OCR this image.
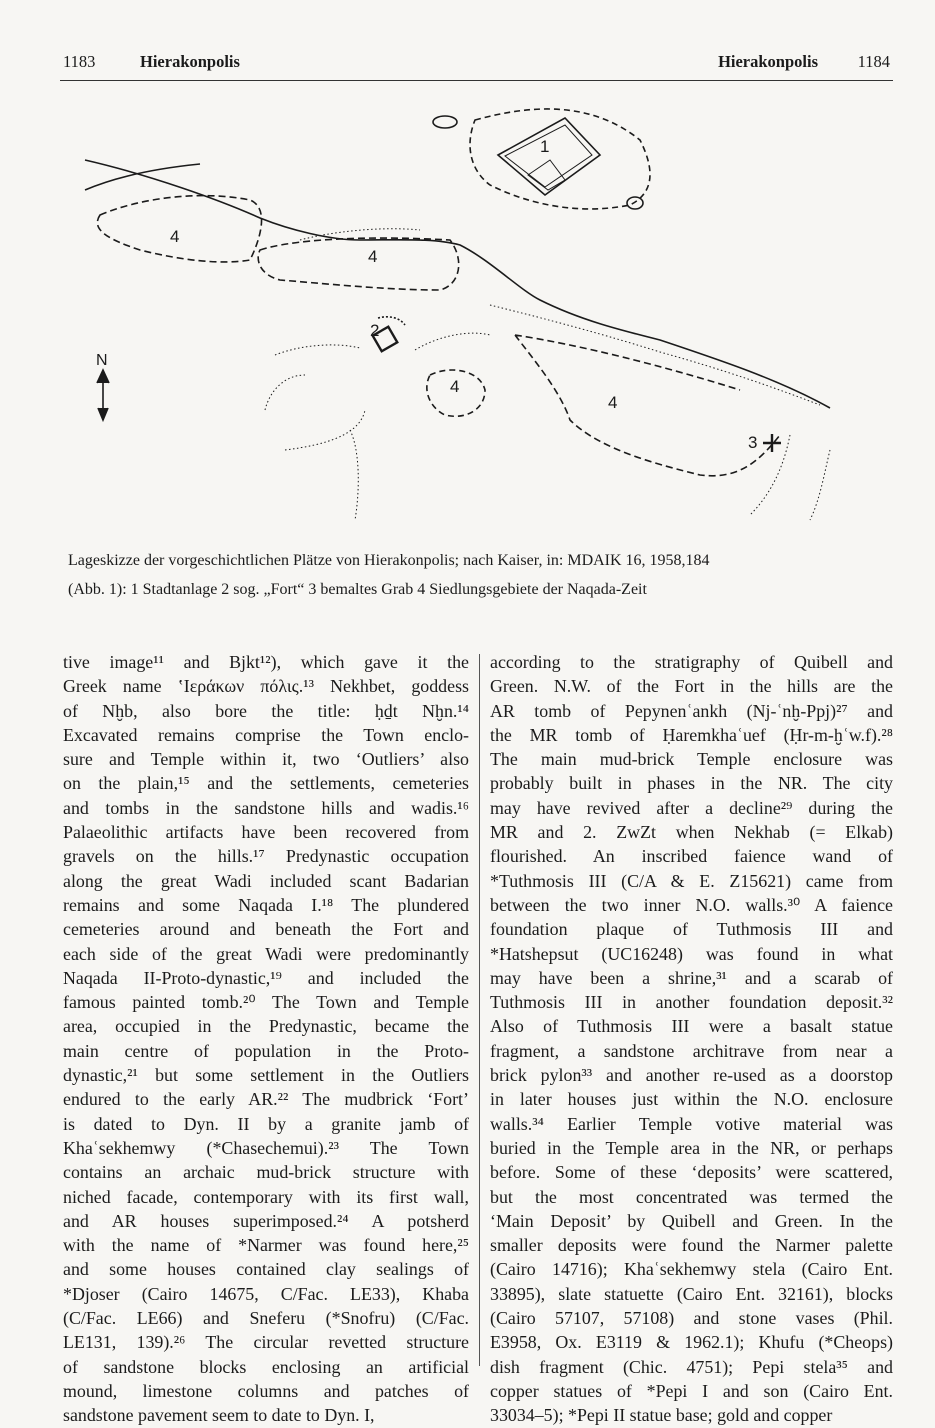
1183	Hierakonpolis	Hierakonpolis 1184
N
1
2
3
4
4
4
4
Lageskizze der vorgeschichtlichen Plätze von Hierakonpolis; nach Kaiser, in: MDAIK 16, 1958,184
(Abb. 1): 1 Stadtanlage 2 sog. „Fort“ 3 bemaltes Grab 4 Siedlungsgebiete der Naqada-Zeit
tive image¹¹ and Bjkt¹²), which gave it the
Greek name ʽΙεράκων πόλις.¹³ Nekhbet, goddess
of Nḫb, also bore the title: ḥḏt Nḫn.¹⁴
Excavated remains comprise the Town enclo-
sure and Temple within it, two ‘Outliers’ also
on the plain,¹⁵ and the settlements, cemeteries
and tombs in the sandstone hills and wadis.¹⁶
Palaeolithic artifacts have been recovered from
gravels on the hills.¹⁷ Predynastic occupation
along the great Wadi included scant Badarian
remains and some Naqada I.¹⁸ The plundered
cemeteries around and beneath the Fort and
each side of the great Wadi were predominantly
Naqada II-Proto-dynastic,¹⁹ and included the
famous painted tomb.²⁰ The Town and Temple
area, occupied in the Predynastic, became the
main centre of population in the Proto-
dynastic,²¹ but some settlement in the Outliers
endured to the early AR.²² The mudbrick ‘Fort’
is dated to Dyn. II by a granite jamb of
Khaʿsekhemwy (*Chasechemui).²³ The Town
contains an archaic mud-brick structure with
niched facade, contemporary with its first wall,
and AR houses superimposed.²⁴ A potsherd
with the name of *Narmer was found here,²⁵
and some houses contained clay sealings of
*Djoser (Cairo 14675, C/Fac. LE33), Khaba
(C/Fac. LE66) and Sneferu (*Snofru) (C/Fac.
LE131, 139).²⁶ The circular revetted structure
of sandstone blocks enclosing an artificial
mound, limestone columns and patches of
sandstone pavement seem to date to Dyn. I,
according to the stratigraphy of Quibell and
Green. N.W. of the Fort in the hills are the
AR tomb of Pepynenʿankh (Nj-ʿnḫ-Ppj)²⁷ and
the MR tomb of Ḥaremkhaʿuef (Ḥr-m-ḫʿw.f).²⁸
The main mud-brick Temple enclosure was
probably built in phases in the NR. The city
may have revived after a decline²⁹ during the
MR and 2. ZwZt when Nekhab (= Elkab)
flourished. An inscribed faience wand of
*Tuthmosis III (C/A & E. Z15621) came from
between the two inner N.O. walls.³⁰ A faience
foundation plaque of Tuthmosis III and
*Hatshepsut (UC16248) was found in what
may have been a shrine,³¹ and a scarab of
Tuthmosis III in another foundation deposit.³²
Also of Tuthmosis III were a basalt statue
fragment, a sandstone architrave from near a
brick pylon³³ and another re-used as a doorstop
in later houses just within the N.O. enclosure
walls.³⁴ Earlier Temple votive material was
buried in the Temple area in the NR, or perhaps
before. Some of these ‘deposits’ were scattered,
but the most concentrated was termed the
‘Main Deposit’ by Quibell and Green. In the
smaller deposits were found the Narmer palette
(Cairo 14716); Khaʿsekhemwy stela (Cairo Ent.
33895), slate statuette (Cairo Ent. 32161), blocks
(Cairo 57107, 57108) and stone vases (Phil.
E3958, Ox. E3119 & 1962.1); Khufu (*Cheops)
dish fragment (Chic. 4751); Pepi stela³⁵ and
copper statues of *Pepi I and son (Cairo Ent.
33034–5); *Pepi II statue base; gold and copper
